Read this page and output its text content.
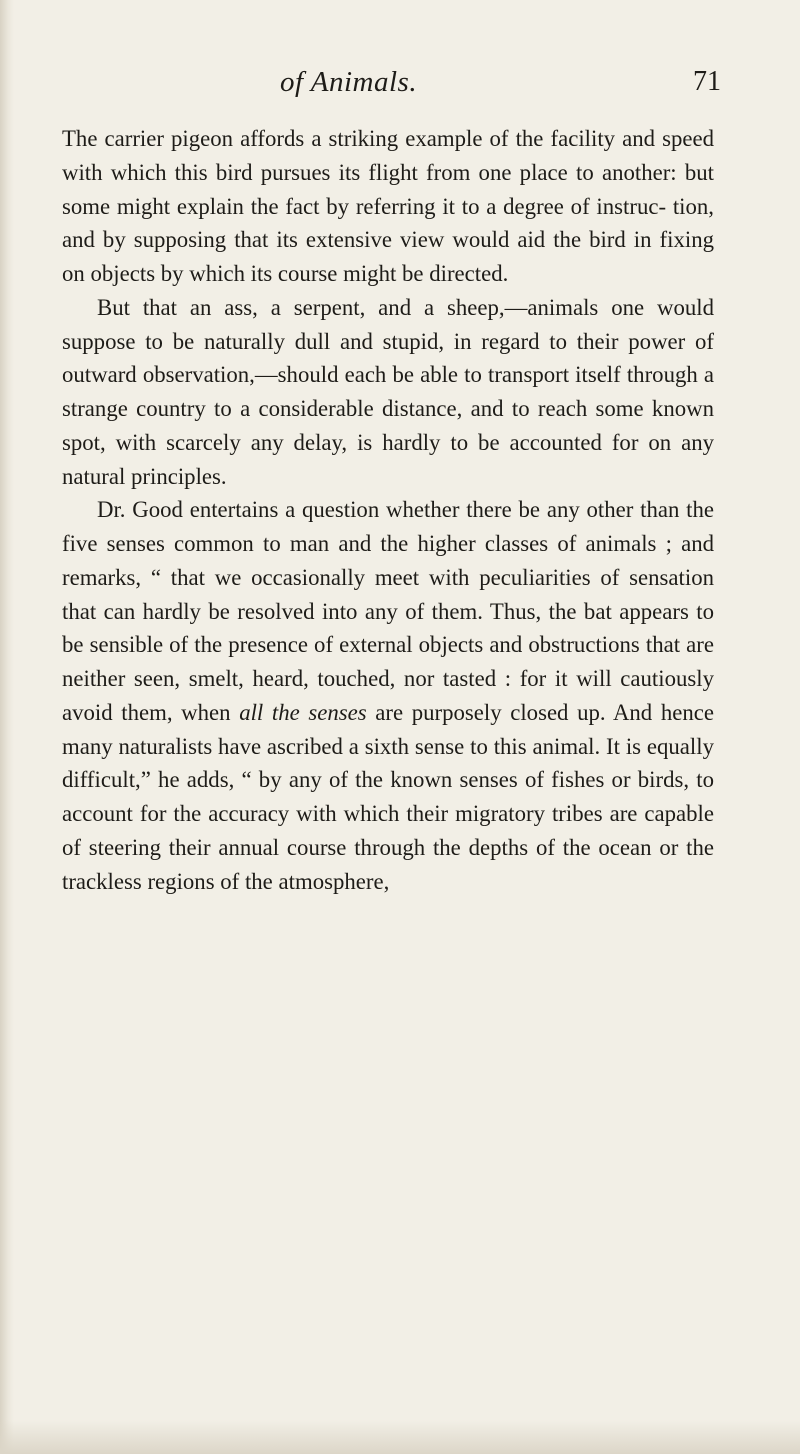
of Animals.	71

The carrier pigeon affords a striking example of the facility and speed with which this bird pursues its flight from one place to another: but some might explain the fact by referring it to a degree of instruc- tion, and by supposing that its extensive view would aid the bird in fixing on objects by which its course might be directed.

But that an ass, a serpent, and a sheep,—animals one would suppose to be naturally dull and stupid, in regard to their power of outward observation,—should each be able to transport itself through a strange country to a considerable distance, and to reach some known spot, with scarcely any delay, is hardly to be accounted for on any natural principles.

Dr. Good entertains a question whether there be any other than the five senses common to man and the higher classes of animals ; and remarks, “ that we occasionally meet with peculiarities of sensation that can hardly be resolved into any of them. Thus, the bat appears to be sensible of the presence of external objects and obstructions that are neither seen, smelt, heard, touched, nor tasted : for it will cautiously avoid them, when all the senses are purposely closed up. And hence many naturalists have ascribed a sixth sense to this animal. It is equally difficult,” he adds, “ by any of the known senses of fishes or birds, to account for the accuracy with which their migratory tribes are capable of steering their annual course through the depths of the ocean or the trackless regions of the atmosphere,
